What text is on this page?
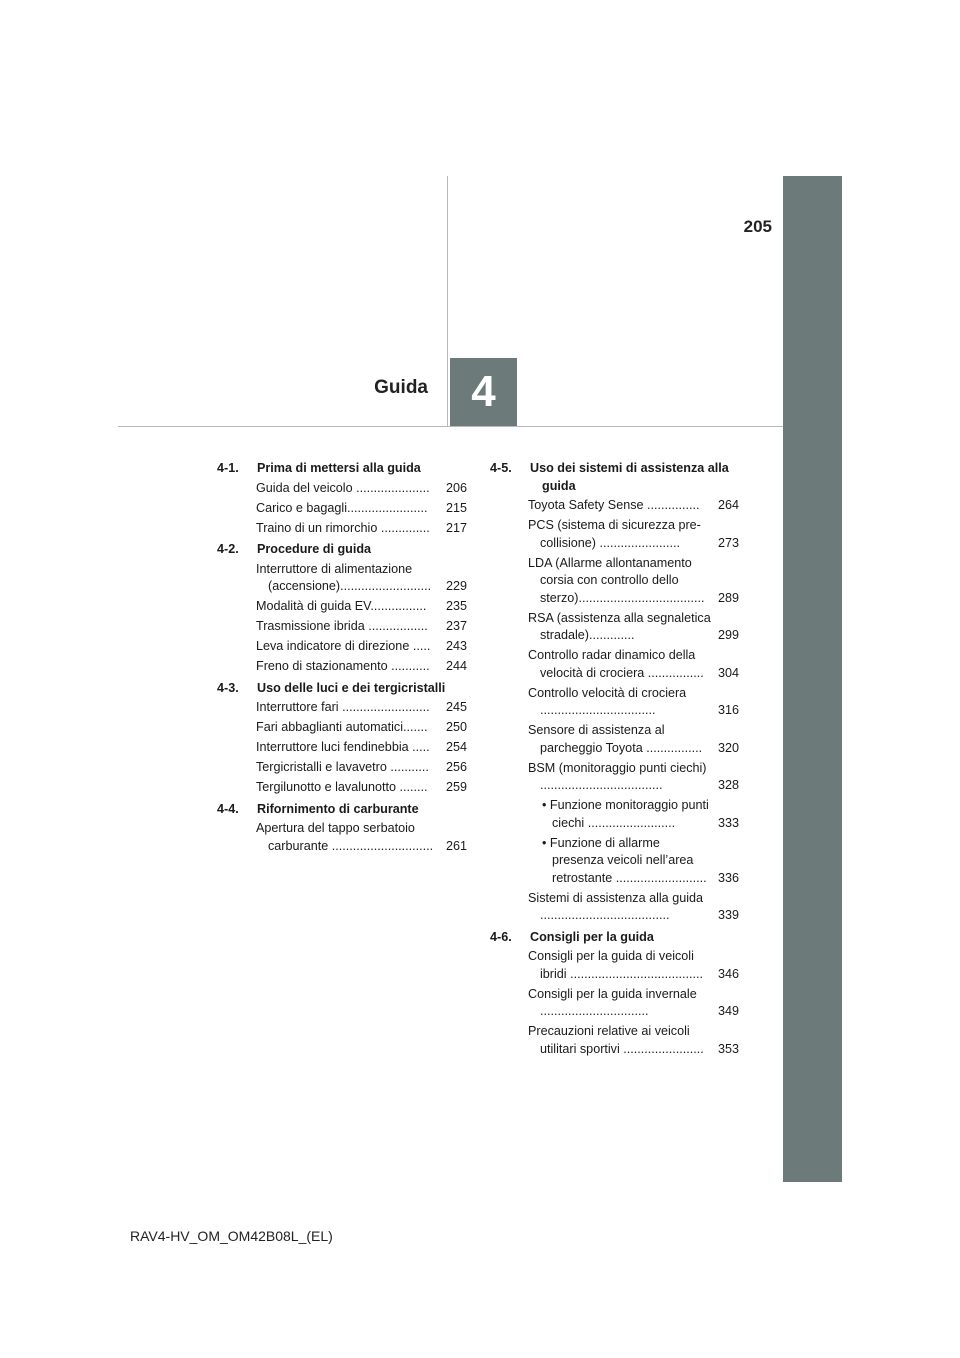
205
Guida 4
4-1.	Prima di mettersi alla guida
Guida del veicolo .....................	206
Carico e bagagli.......................	215
Traino di un rimorchio ..............	217
4-2.	Procedure di guida
Interruttore di alimentazione (accensione)..........................	229
Modalità di guida EV................	235
Trasmissione ibrida .................	237
Leva indicatore di direzione .....	243
Freno di stazionamento ...........	244
4-3.	Uso delle luci e dei tergicristalli
Interruttore fari .........................	245
Fari abbaglianti automatici.......	250
Interruttore luci fendinebbia .....	254
Tergicristalli e lavavetro ...........	256
Tergilunotto e lavalunotto ........	259
4-4.	Rifornimento di carburante
Apertura del tappo serbatoio carburante .............................	261
4-5.	Uso dei sistemi di assistenza alla guida
Toyota Safety Sense ...............	264
PCS (sistema di sicurezza pre-collisione) .......................	273
LDA (Allarme allontanamento corsia con controllo dello sterzo)....................................	289
RSA (assistenza alla segnaletica stradale).............	299
Controllo radar dinamico della velocità di crociera ................	304
Controllo velocità di crociera .................................	316
Sensore di assistenza al parcheggio Toyota ................	320
BSM (monitoraggio punti ciechi) ...................................	328
• Funzione monitoraggio punti ciechi .........................	333
• Funzione di allarme presenza veicoli nell’area retrostante .......................... 336
Sistemi di assistenza alla guida .....................................	339
4-6.	Consigli per la guida
Consigli per la guida di veicoli ibridi ......................................	346
Consigli per la guida invernale ...............................	349
Precauzioni relative ai veicoli utilitari sportivi .......................	353
RAV4-HV_OM_OM42B08L_(EL)
